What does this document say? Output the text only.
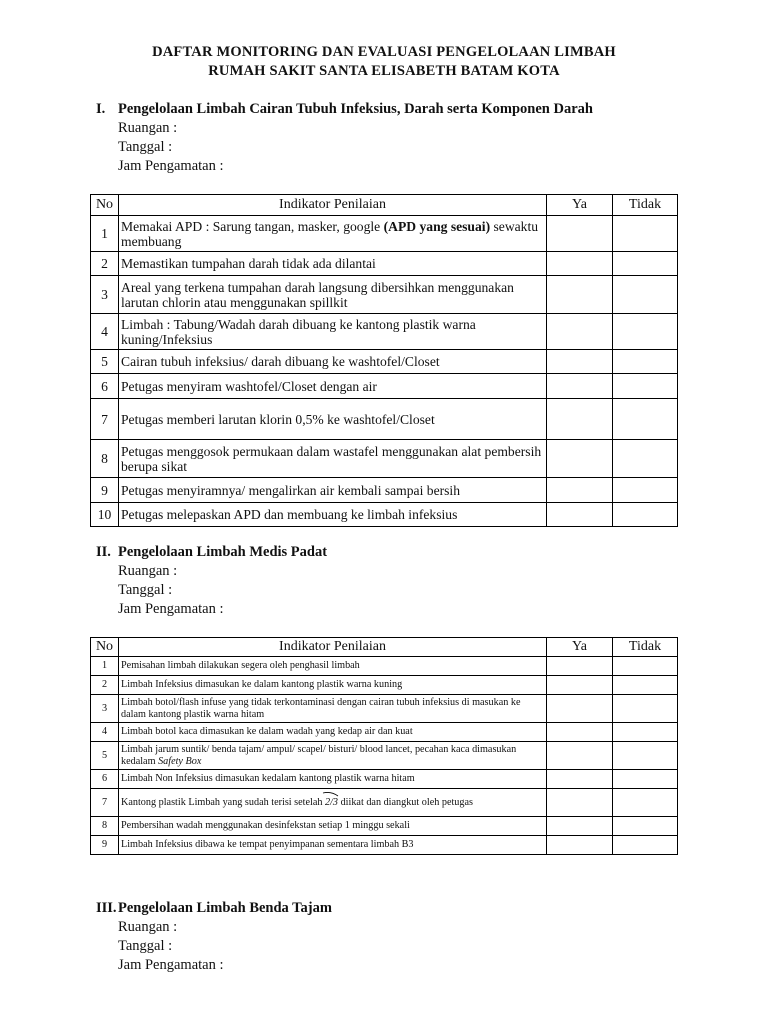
DAFTAR MONITORING DAN EVALUASI PENGELOLAAN LIMBAH
RUMAH SAKIT SANTA ELISABETH BATAM KOTA
I. Pengelolaan Limbah Cairan Tubuh Infeksius, Darah serta Komponen Darah
Ruangan :
Tanggal :
Jam Pengamatan :
No	Indikator Penilaian	Ya	Tidak
1	Memakai APD : Sarung tangan, masker, google (APD yang sesuai) sewaktu membuang		
2	Memastikan tumpahan darah tidak ada dilantai		
3	Areal yang terkena tumpahan darah langsung dibersihkan menggunakan larutan chlorin atau menggunakan spillkit		
4	Limbah : Tabung/Wadah darah dibuang ke kantong plastik warna kuning/Infeksius		
5	Cairan tubuh infeksius/ darah dibuang ke washtofel/Closet		
6	Petugas menyiram washtofel/Closet dengan air		
7	Petugas memberi larutan klorin 0,5% ke washtofel/Closet		
8	Petugas menggosok permukaan dalam wastafel menggunakan alat pembersih berupa sikat		
9	Petugas menyiramnya/ mengalirkan air kembali sampai bersih		
10	Petugas melepaskan APD dan membuang ke limbah infeksius		
II. Pengelolaan Limbah Medis Padat
Ruangan :
Tanggal :
Jam Pengamatan :
No	Indikator Penilaian	Ya	Tidak
1	Pemisahan limbah dilakukan segera oleh penghasil limbah		
2	Limbah Infeksius dimasukan ke dalam kantong plastik warna kuning		
3	Limbah botol/flash infuse yang tidak terkontaminasi dengan cairan tubuh infeksius di masukan ke dalam kantong plastik warna hitam		
4	Limbah botol kaca dimasukan ke dalam wadah yang kedap air dan kuat		
5	Limbah jarum suntik/ benda tajam/ ampul/ scapel/ bisturi/ blood lancet, pecahan kaca dimasukan kedalam Safety Box		
6	Limbah Non Infeksius dimasukan kedalam kantong plastik warna hitam		
7	Kantong plastik Limbah yang sudah terisi setelah
2/3 diikat dan diangkut oleh petugas		
8	Pembersihan wadah menggunakan desinfekstan setiap 1 minggu sekali		
9	Limbah Infeksius dibawa ke tempat penyimpanan sementara limbah B3		
III.Pengelolaan Limbah Benda Tajam
Ruangan :
Tanggal :
Jam Pengamatan :
